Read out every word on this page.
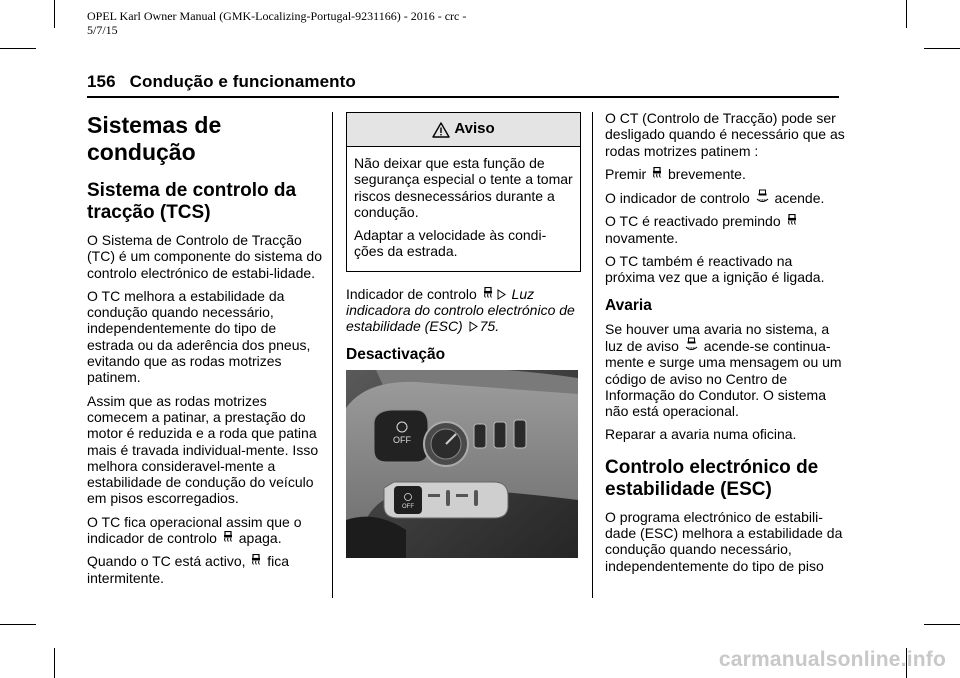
OPEL Karl Owner Manual (GMK-Localizing-Portugal-9231166) - 2016 - crc -
5/7/15
156 Condução e funcionamento
Sistemas de
condução
Sistema de controlo da
tracção (TCS)

O Sistema de Controlo de Tracção (TC) é um componente do sistema do controlo electrónico de estabi-lidade.

O TC melhora a estabilidade da condução quando necessário, independentemente do tipo de estrada ou da aderência dos pneus, evitando que as rodas motrizes patinem.

Assim que as rodas motrizes comecem a patinar, a prestação do motor é reduzida e a roda que patina mais é travada individual-mente. Isso melhora consideravel-mente a estabilidade de condução do veículo em pisos escorregadios.

O TC fica operacional assim que o indicador de controlo apaga.

Quando o TC está activo, fica intermitente.

Aviso

Não deixar que esta função de segurança especial o tente a tomar riscos desnecessários durante a condução.

Adaptar a velocidade às condi-ções da estrada.

Indicador de controlo Luz indicadora do controlo electrónico de estabilidade (ESC) 75.

Desactivação
OFF
OFF

O CT (Controlo de Tracção) pode ser desligado quando é necessário que as rodas motrizes patinem :

Premir brevemente.

O indicador de controlo	OFF acende.

O TC é reactivado premindo  novamente.

O TC também é reactivado na próxima vez que a ignição é ligada.

Avaria

Se houver uma avaria no sistema, a luz de aviso	OFF acende-se continua-mente e surge uma mensagem ou um código de aviso no Centro de Informação do Condutor. O sistema não está operacional.

Reparar a avaria numa oficina.

Controlo electrónico de
estabilidade (ESC)

O programa electrónico de estabili-dade (ESC) melhora a estabilidade da condução quando necessário, independentemente do tipo de piso

carmanualsonline.info
